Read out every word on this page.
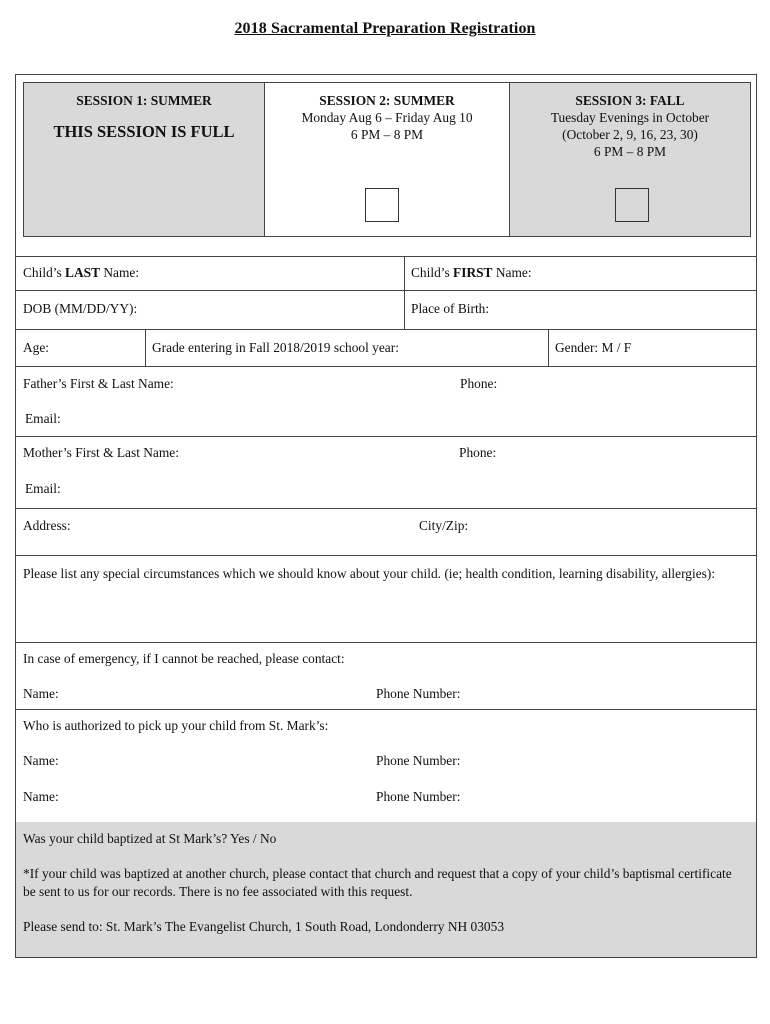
2018 Sacramental Preparation Registration
SESSION 1: SUMMER
THIS SESSION IS FULL
SESSION 2: SUMMER
Monday Aug 6 – Friday Aug 10
6 PM – 8 PM
SESSION 3: FALL
Tuesday Evenings in October
(October 2, 9, 16, 23, 30)
6 PM – 8 PM
Child’s LAST Name:	Child’s FIRST Name:
DOB (MM/DD/YY):	Place of Birth:
Age:	Grade entering in Fall 2018/2019 school year:	Gender: M / F
Father’s First & Last Name:	Phone:
Email:
Mother’s First & Last Name:	Phone:
Email:
Address:	City/Zip:
Please list any special circumstances which we should know about your child. (ie; health condition, learning disability, allergies):
In case of emergency, if I cannot be reached, please contact:
Name:	Phone Number:
Who is authorized to pick up your child from St. Mark’s:
Name:	Phone Number:
Name:	Phone Number:
Was your child baptized at St Mark’s? Yes / No
*If your child was baptized at another church, please contact that church and request that a copy of your child’s baptismal certificate be sent to us for our records. There is no fee associated with this request.
Please send to: St. Mark’s The Evangelist Church, 1 South Road, Londonderry NH 03053
